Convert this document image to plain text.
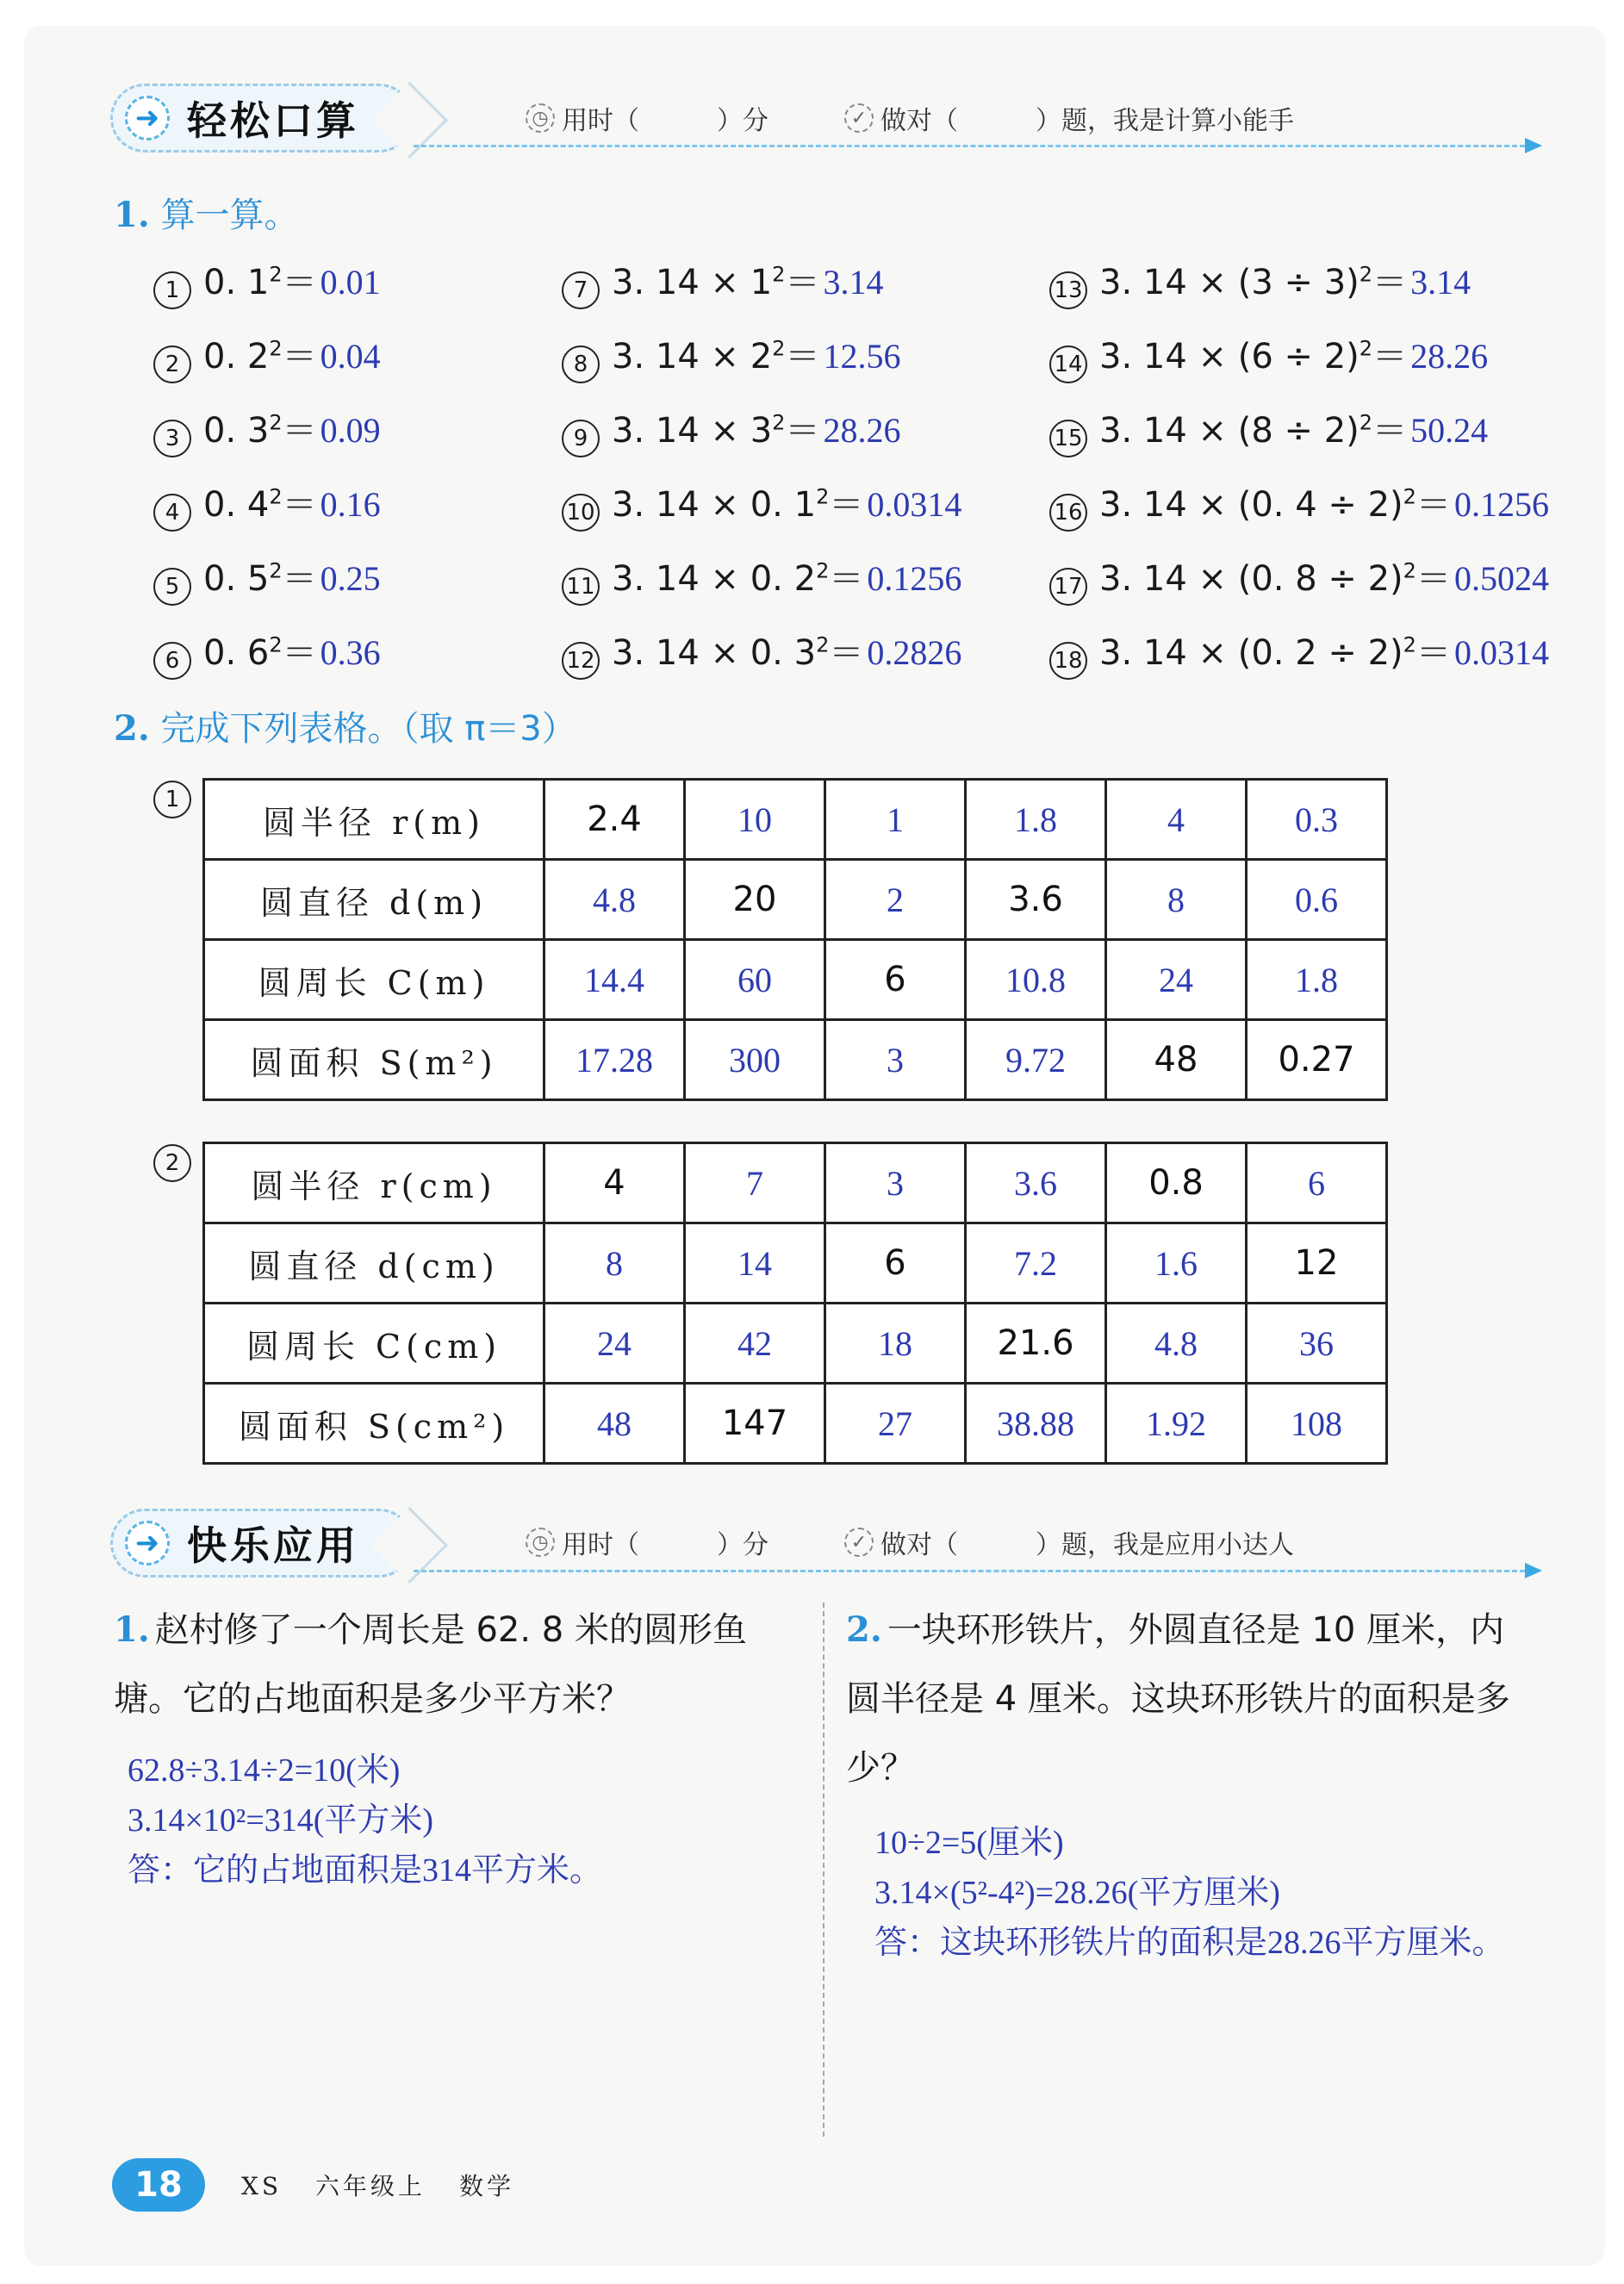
➜ 轻松口算	◷ 用时（　　　）分	✓ 做对（　　　）题，我是计算小能手
1. 算一算。
1 0. $1^2= 0.01$
2 0. $2^2= 0.04$
3 0. $3^2= 0.09$
4 0. $4^2= 0.16$
5 0. $5^2= 0.25$
6 0. $6^2= 0.36$
7 3. $14 \times 1^2= 3.14$
8 3. $14 \times 2^2= 12.56$
9 3. $14 \times 3^2= 28.26$
10 3. 14 × 0. $1^2= 0.0314$
11 3. 14 × 0. $2^2= 0.1256$
12 3. 14 × 0. $3^2= 0.2826$
13 3. $14 \times (3 \div 3)^2= 3.14$
14 3. $14 \times (6 \div 2)^2= 28.26$
15 3. $14 \times (8 \div 2)^2= 50.24$
16 3. 14 × (0. 4 ÷ 2)$^2$＝ 0.1256
17 3. 14 × (0. 8 ÷ 2)$^2$＝ 0.5024
18 3. 14 × (0. 2 ÷ 2)$^2$＝ 0.0314
2. 完成下列表格。（取 π＝3）
1
圆半径 r(m)	2.4	10	1	1.8	4	0.3
圆直径 d(m)	4.8	20	2	3.6	8	0.6
圆周长 C(m)	14.4	60	6	10.8	24	1.8
圆面积 S(m²)	17.28	300	3	9.72	48	0.27
2
圆半径 r(cm)	4	7	3	3.6	0.8	6
圆直径 d(cm)	8	14	6	7.2	1.6	12
圆周长 C(cm)	24	42	18	21.6	4.8	36
圆面积 S(cm²)	48	147	27	38.88	1.92	108
➜ 快乐应用	◷ 用时（　　　）分	✓ 做对（　　　）题，我是应用小达人
1. 赵村修了一个周长是 62. 8 米的圆形鱼塘。它的占地面积是多少平方米？
62.8÷3.14÷2=10(米)
3.14×10²=314(平方米)
答：它的占地面积是314平方米。
2. 一块环形铁片，外圆直径是 10 厘米，内圆半径是 4 厘米。这块环形铁片的面积是多少？
10÷2=5(厘米)
3.14×(5²-4²)=28.26(平方厘米)
答：这块环形铁片的面积是28.26平方厘米。
18	XS 六年级上 数学
